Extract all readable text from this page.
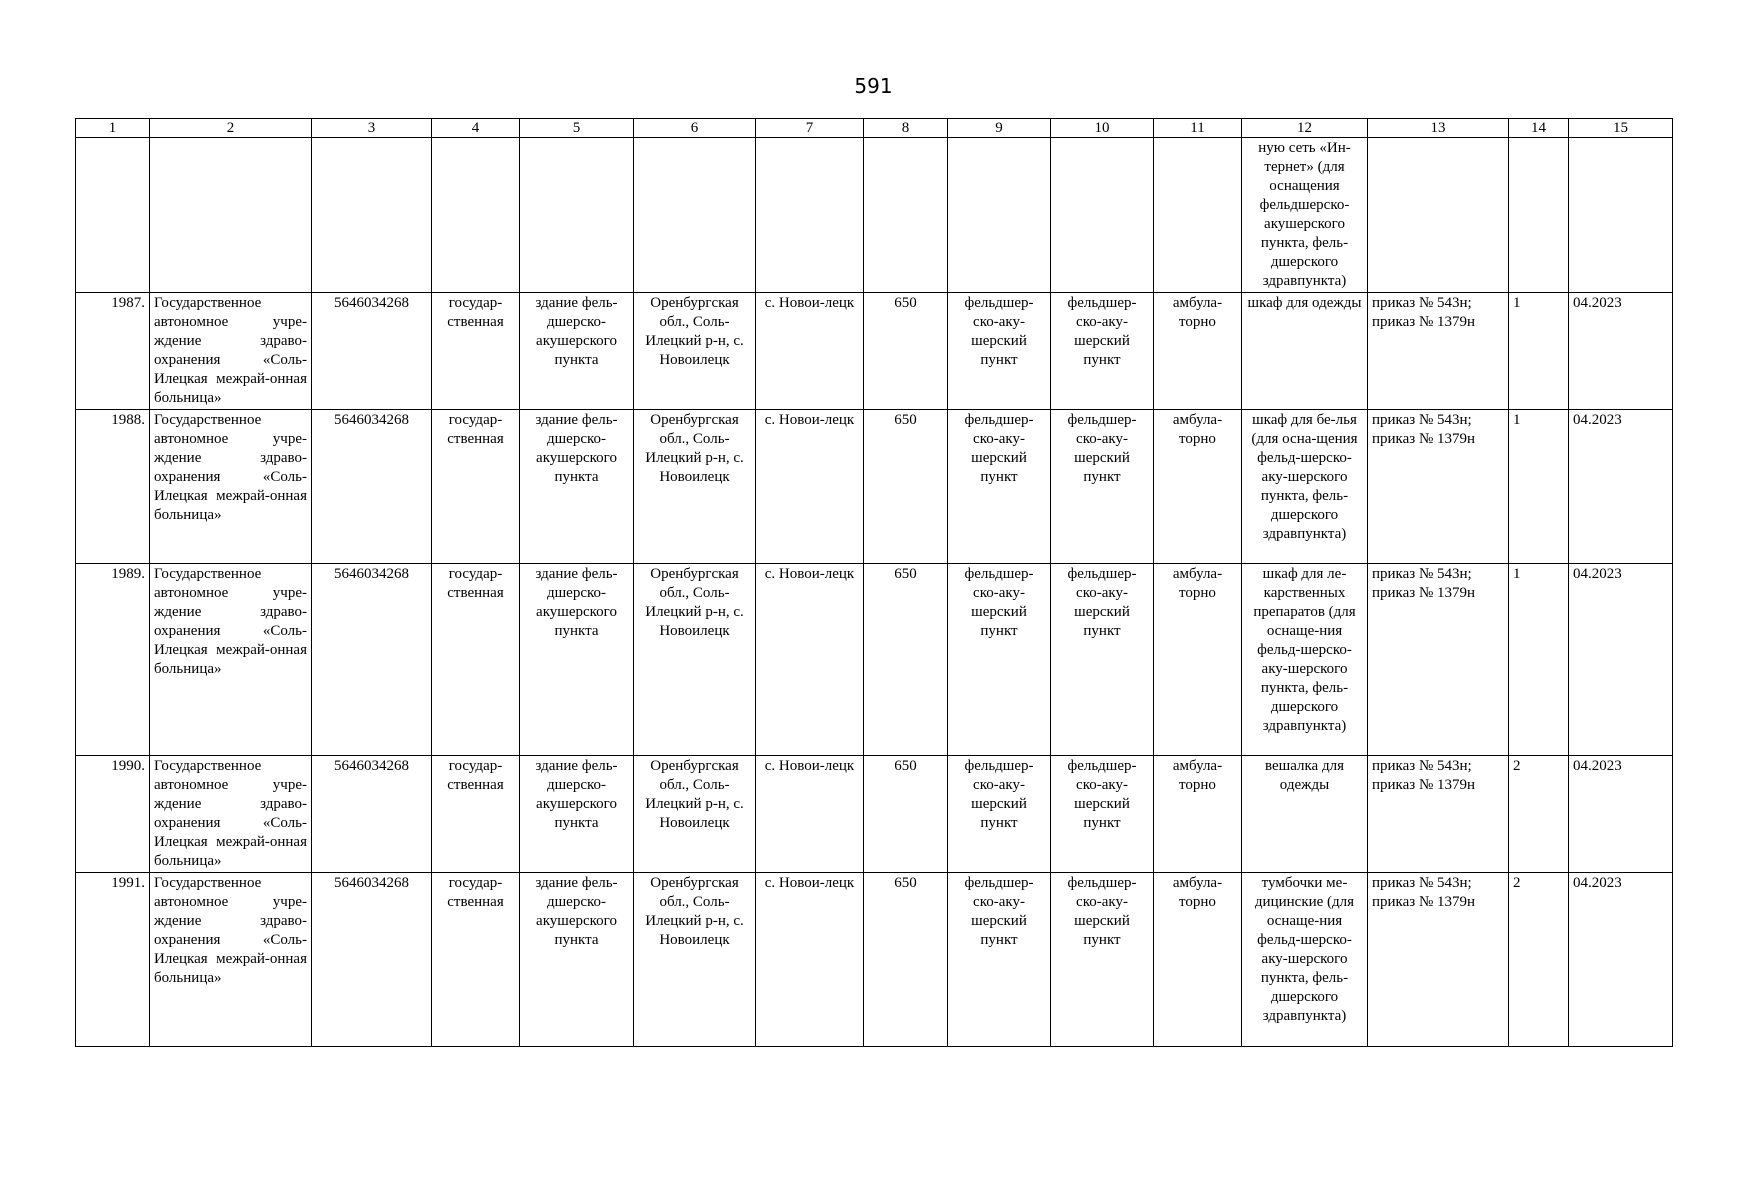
591
1	2	3	4	5	6	7	8	9	10	11	12	13	14	15
											ную сеть «Ин-тернет» (для оснащения фельдшерско-акушерского пункта, фель-дшерского здравпункта)			
1987.	Государственное автономное учре-ждение здраво-охранения «Соль-Илецкая межрай-онная больница»	5646034268	государ-ственная	здание фель-дшерско-акушерского пункта	Оренбургская обл., Соль-Илецкий р-н, с. Новоилецк	с. Новои-лецк	650	фельдшер-ско-аку-шерский пункт	фельдшер-ско-аку-шерский пункт	амбула-торно	шкаф для одежды	приказ № 543н; приказ № 1379н	1	04.2023
1988.	Государственное автономное учре-ждение здраво-охранения «Соль-Илецкая межрай-онная больница»	5646034268	государ-ственная	здание фель-дшерско-акушерского пункта	Оренбургская обл., Соль-Илецкий р-н, с. Новоилецк	с. Новои-лецк	650	фельдшер-ско-аку-шерский пункт	фельдшер-ско-аку-шерский пункт	амбула-торно	шкаф для бе-лья (для осна-щения фельд-шерско-аку-шерского пункта, фель-дшерского здравпункта)	приказ № 543н; приказ № 1379н	1	04.2023
1989.	Государственное автономное учре-ждение здраво-охранения «Соль-Илецкая межрай-онная больница»	5646034268	государ-ственная	здание фель-дшерско-акушерского пункта	Оренбургская обл., Соль-Илецкий р-н, с. Новоилецк	с. Новои-лецк	650	фельдшер-ско-аку-шерский пункт	фельдшер-ско-аку-шерский пункт	амбула-торно	шкаф для ле-карственных препаратов (для оснаще-ния фельд-шерско-аку-шерского пункта, фель-дшерского здравпункта)	приказ № 543н; приказ № 1379н	1	04.2023
1990.	Государственное автономное учре-ждение здраво-охранения «Соль-Илецкая межрай-онная больница»	5646034268	государ-ственная	здание фель-дшерско-акушерского пункта	Оренбургская обл., Соль-Илецкий р-н, с. Новоилецк	с. Новои-лецк	650	фельдшер-ско-аку-шерский пункт	фельдшер-ско-аку-шерский пункт	амбула-торно	вешалка для одежды	приказ № 543н; приказ № 1379н	2	04.2023
1991.	Государственное автономное учре-ждение здраво-охранения «Соль-Илецкая межрай-онная больница»	5646034268	государ-ственная	здание фель-дшерско-акушерского пункта	Оренбургская обл., Соль-Илецкий р-н, с. Новоилецк	с. Новои-лецк	650	фельдшер-ско-аку-шерский пункт	фельдшер-ско-аку-шерский пункт	амбула-торно	тумбочки ме-дицинские (для оснаще-ния фельд-шерско-аку-шерского пункта, фель-дшерского здравпункта)	приказ № 543н; приказ № 1379н	2	04.2023
